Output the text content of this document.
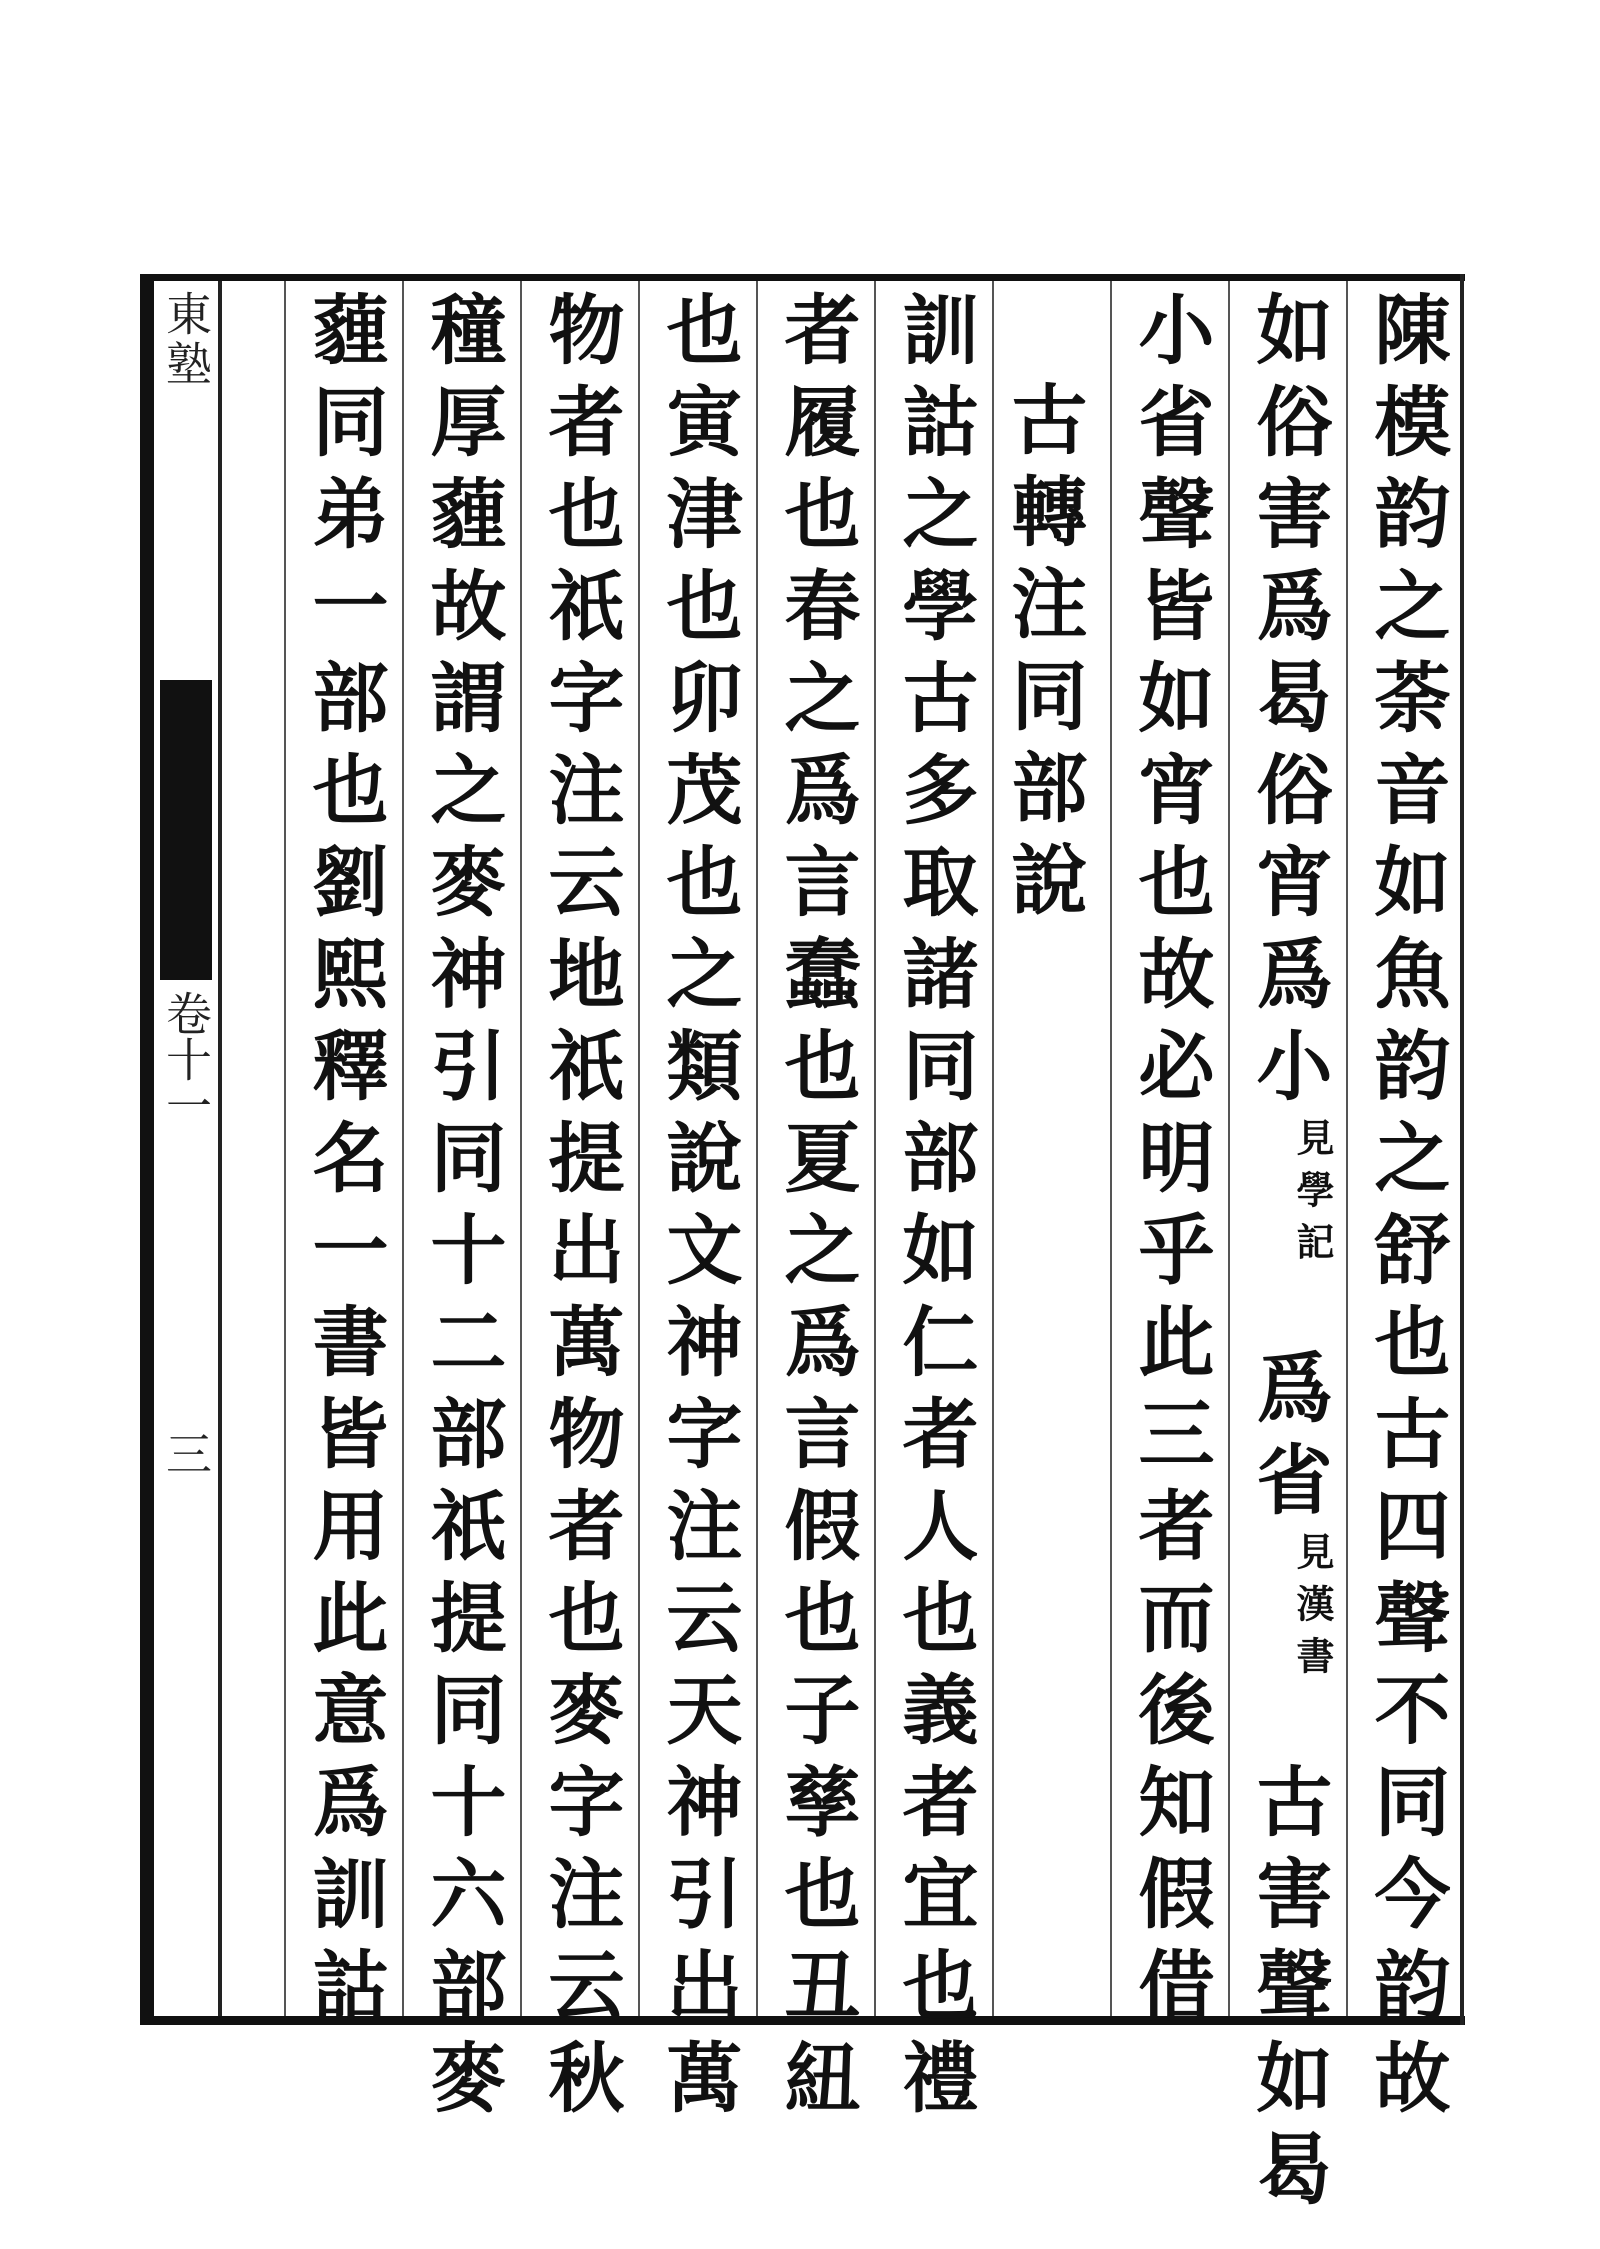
東塾
卷十一
三	陳模韵之荼音如魚韵之舒也古四聲不同今韵故
如俗害爲曷俗宵爲小見學記爲省見漢書古害聲如曷
小省聲皆如宵也故必明乎此三者而後知假借
古轉注同部說
訓詁之學古多取諸同部如仁者人也義者宜也禮
者履也春之爲言蠢也夏之爲言假也子孳也丑紐
也寅津也卯茂也之類說文神字注云天神引出萬
物者也祇字注云地祇提出萬物者也麥字注云秋
穜厚薶故謂之麥神引同十二部祇提同十六部麥
薶同弟一部也劉熙釋名一書皆用此意爲訓詁
